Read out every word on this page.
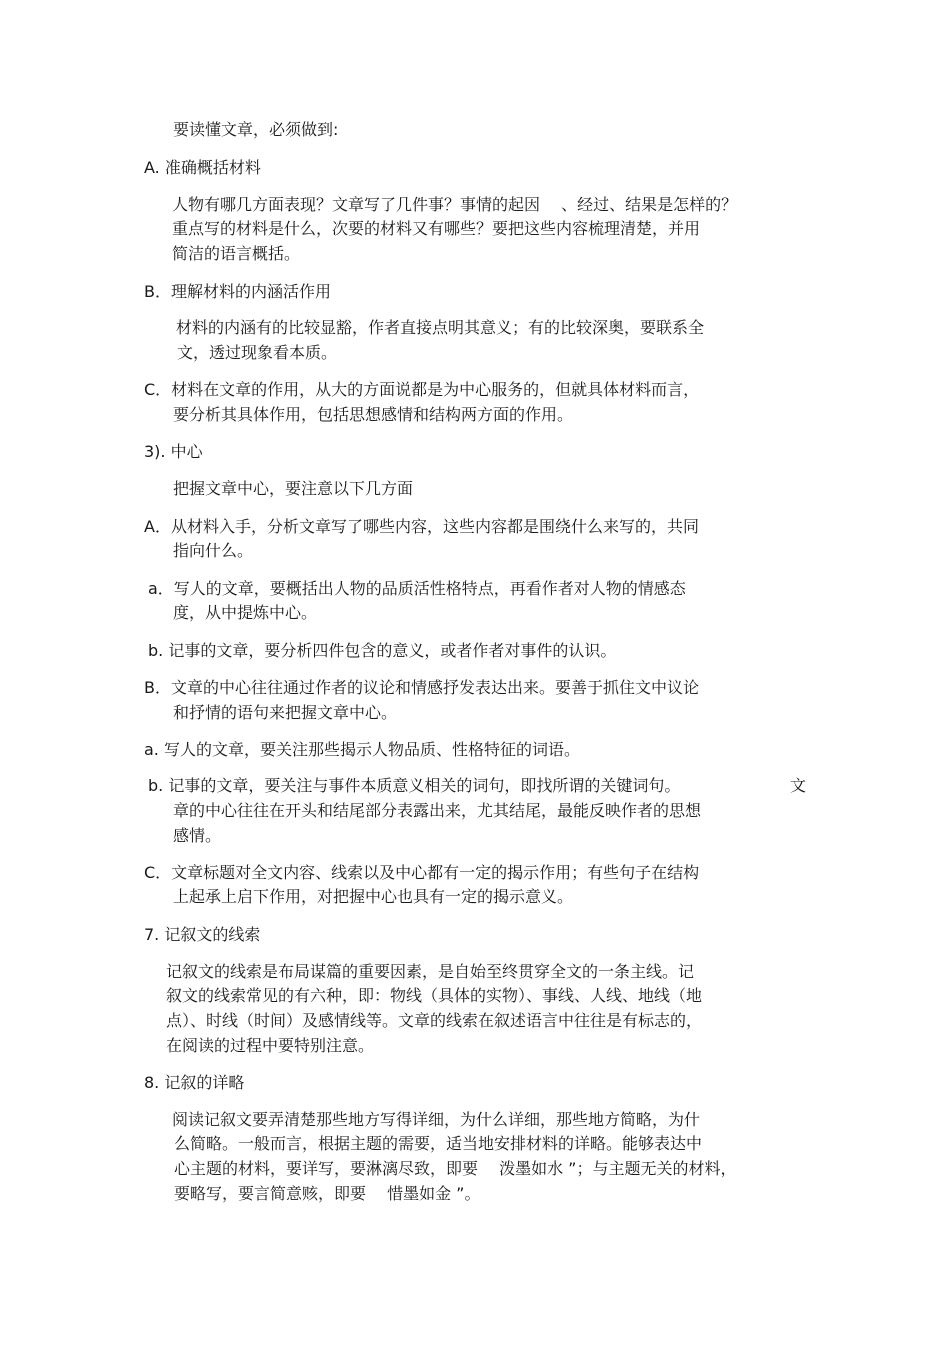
要读懂文章，必须做到:

A. 准确概括材料

人物有哪几方面表现？文章写了几件事？事情的起因　 、经过、结果是怎样的？

重点写的材料是什么，次要的材料又有哪些？要把这些内容梳理清楚，并用

简洁的语言概括。

B．理解材料的内涵活作用

材料的内涵有的比较显豁，作者直接点明其意义；有的比较深奥，要联系全

文，透过现象看本质。

C．材料在文章的作用，从大的方面说都是为中心服务的，但就具体材料而言，

要分析其具体作用，包括思想感情和结构两方面的作用。

3). 中心

把握文章中心，要注意以下几方面

A．从材料入手，分析文章写了哪些内容，这些内容都是围绕什么来写的，共同

指向什么。

a．写人的文章，要概括出人物的品质活性格特点，再看作者对人物的情感态

度，从中提炼中心。

b. 记事的文章，要分析四件包含的意义，或者作者对事件的认识。

B．文章的中心往往通过作者的议论和情感抒发表达出来。要善于抓住文中议论

和抒情的语句来把握文章中心。

a. 写人的文章，要关注那些揭示人物品质、性格特征的词语。

b. 记事的文章，要关注与事件本质意义相关的词句，即找所谓的关键词句。	文

章的中心往往在开头和结尾部分表露出来，尤其结尾，最能反映作者的思想

感情。

C．文章标题对全文内容、线索以及中心都有一定的揭示作用；有些句子在结构

上起承上启下作用，对把握中心也具有一定的揭示意义。

7. 记叙文的线索

记叙文的线索是布局谋篇的重要因素，是自始至终贯穿全文的一条主线。记

叙文的线索常见的有六种，即：物线（具体的实物）、事线、人线、地线（地

点）、时线（时间）及感情线等。文章的线索在叙述语言中往往是有标志的，

在阅读的过程中要特别注意。

8. 记叙的详略

阅读记叙文要弄清楚那些地方写得详细，为什么详细，那些地方简略，为什

么简略。一般而言，根据主题的需要，适当地安排材料的详略。能够表达中

心主题的材料，要详写，要淋漓尽致，即要　 泼墨如水 ”；与主题无关的材料，

要略写，要言简意赅，即要　 惜墨如金 ”。
